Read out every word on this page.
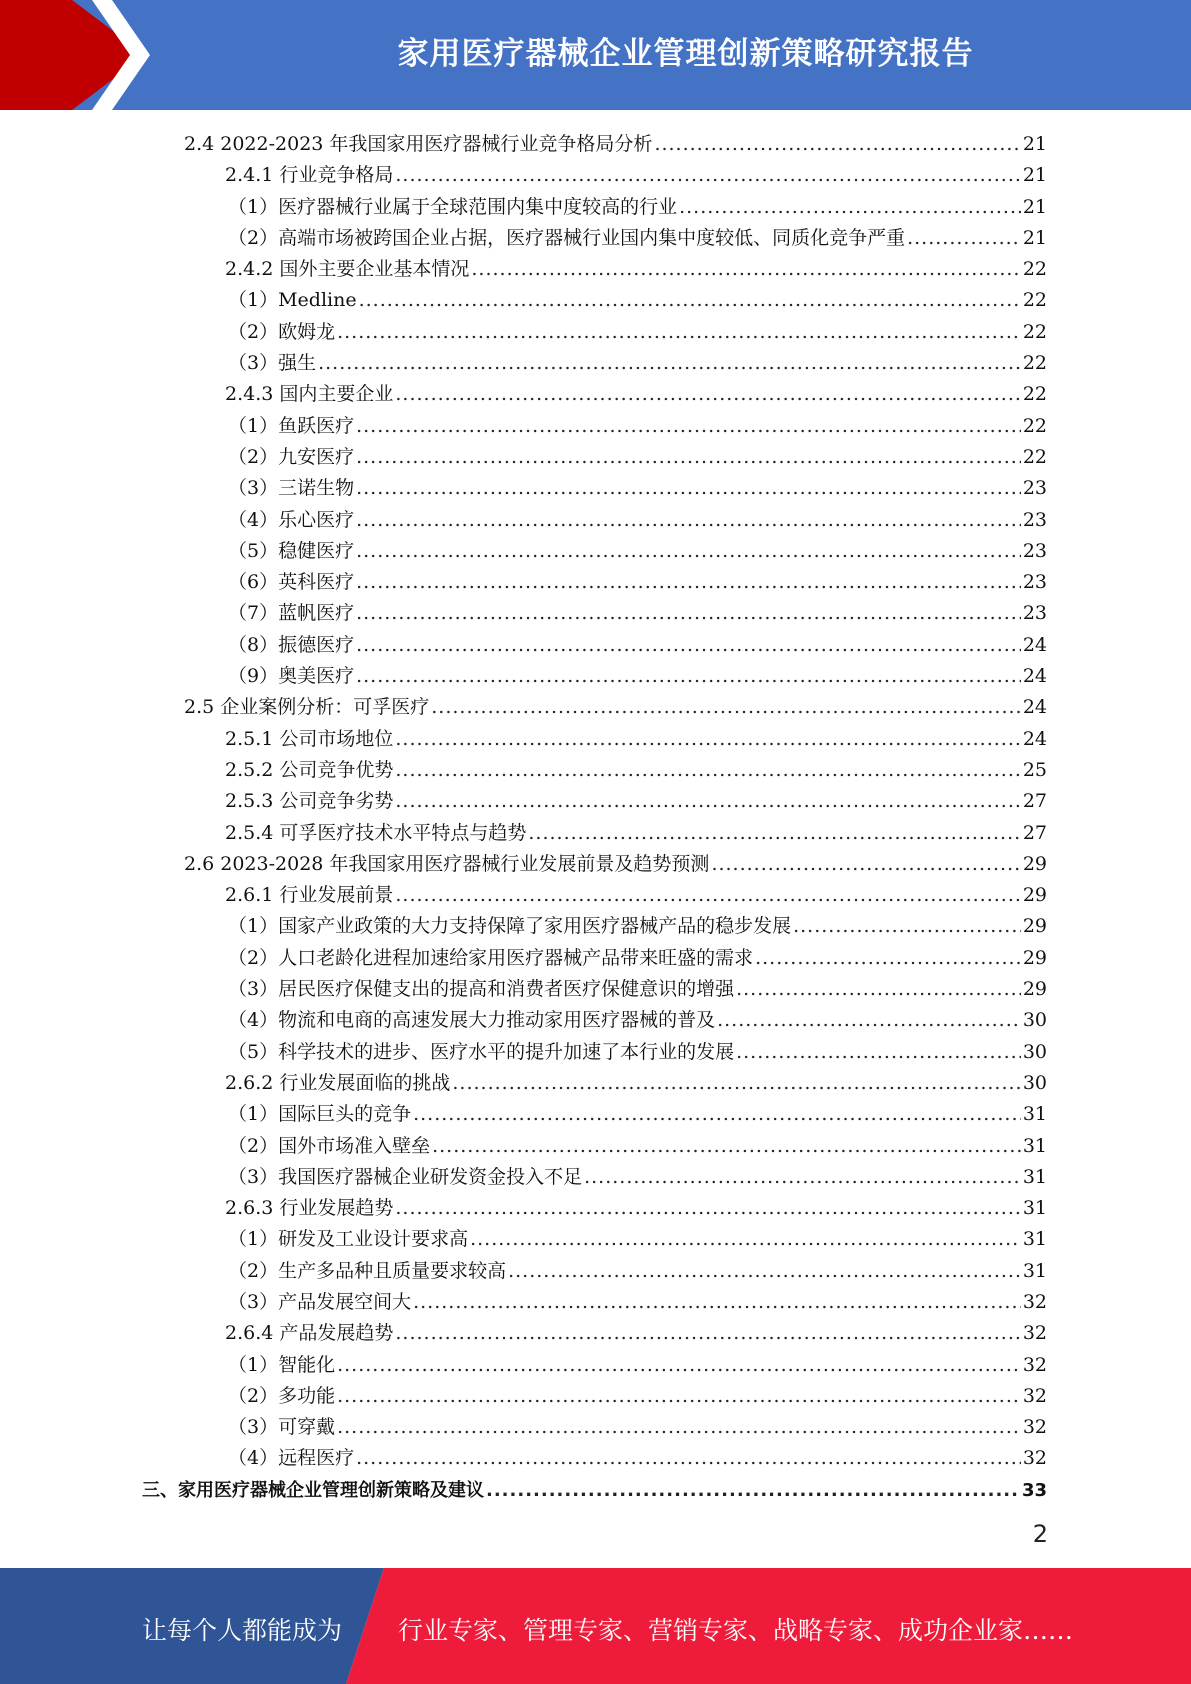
家用医疗器械企业管理创新策略研究报告
2.4 2022-2023 年我国家用医疗器械行业竞争格局分析 .....	21
2.4.1 行业竞争格局 .....	21
（1）医疗器械行业属于全球范围内集中度较高的行业 .....	21
（2）高端市场被跨国企业占据，医疗器械行业国内集中度较低、同质化竞争严重 .....	21
2.4.2 国外主要企业基本情况 .....	22
（1）Medline .....	22
（2）欧姆龙 .....	22
（3）强生 .....	22
2.4.3 国内主要企业 .....	22
（1）鱼跃医疗 .....	22
（2）九安医疗 .....	22
（3）三诺生物 .....	23
（4）乐心医疗 .....	23
（5）稳健医疗 .....	23
（6）英科医疗 .....	23
（7）蓝帆医疗 .....	23
（8）振德医疗 .....	24
（9）奥美医疗 .....	24
2.5 企业案例分析：可孚医疗 .....	24
2.5.1 公司市场地位 .....	24
2.5.2 公司竞争优势 .....	25
2.5.3 公司竞争劣势 .....	27
2.5.4 可孚医疗技术水平特点与趋势 .....	27
2.6 2023-2028 年我国家用医疗器械行业发展前景及趋势预测 .....	29
2.6.1 行业发展前景 .....	29
（1）国家产业政策的大力支持保障了家用医疗器械产品的稳步发展 .....	29
（2）人口老龄化进程加速给家用医疗器械产品带来旺盛的需求 .....	29
（3）居民医疗保健支出的提高和消费者医疗保健意识的增强 .....	29
（4）物流和电商的高速发展大力推动家用医疗器械的普及 .....	30
（5）科学技术的进步、医疗水平的提升加速了本行业的发展 .....	30
2.6.2 行业发展面临的挑战 .....	30
（1）国际巨头的竞争 .....	31
（2）国外市场准入壁垒 .....	31
（3）我国医疗器械企业研发资金投入不足 .....	31
2.6.3 行业发展趋势 .....	31
（1）研发及工业设计要求高 .....	31
（2）生产多品种且质量要求较高 .....	31
（3）产品发展空间大 .....	32
2.6.4 产品发展趋势 .....	32
（1）智能化 .....	32
（2）多功能 .....	32
（3）可穿戴 .....	32
（4）远程医疗 .....	32
三、家用医疗器械企业管理创新策略及建议 .....	33
2
让每个人都能成为 行业专家、管理专家、营销专家、战略专家、成功企业家……
